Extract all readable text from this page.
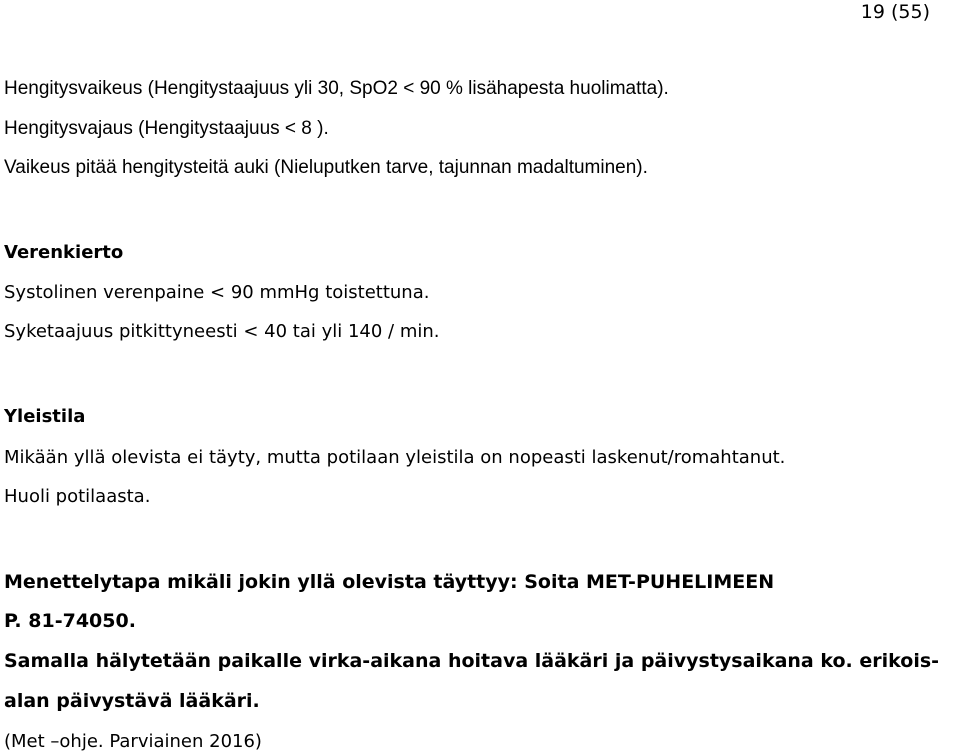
19 (55)
Hengitysvaikeus (Hengitystaajuus yli 30, SpO2 < 90 % lisähapesta huolimatta).
Hengitysvajaus (Hengitystaajuus < 8 ).
Vaikeus pitää hengitysteitä auki (Nieluputken tarve, tajunnan madaltuminen).
Verenkierto
Systolinen verenpaine < 90 mmHg toistettuna.
Syketaajuus pitkittyneesti < 40 tai yli 140 / min.
Yleistila
Mikään yllä olevista ei täyty, mutta potilaan yleistila on nopeasti laskenut/romahtanut.
Huoli potilaasta.
Menettelytapa mikäli jokin yllä olevista täyttyy: Soita MET-PUHELIMEEN
P. 81-74050.
Samalla hälytetään paikalle virka-aikana hoitava lääkäri ja päivystysaikana ko. erikois-
alan päivystävä lääkäri.
(Met –ohje. Parviainen 2016)
